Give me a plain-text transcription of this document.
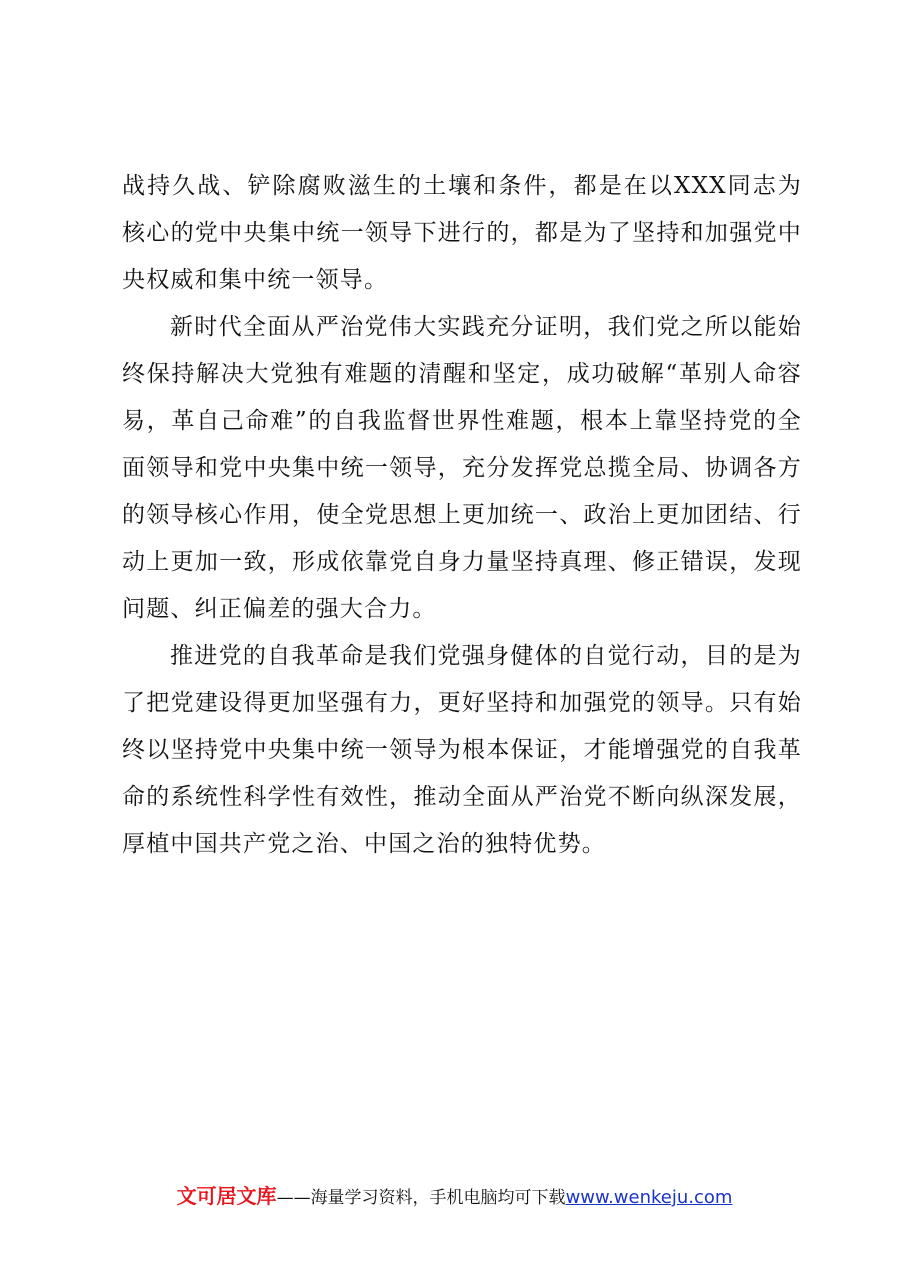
战持久战、铲除腐败滋生的土壤和条件，都是在以XXX同志为核心的党中央集中统一领导下进行的，都是为了坚持和加强党中央权威和集中统一领导。

新时代全面从严治党伟大实践充分证明，我们党之所以能始终保持解决大党独有难题的清醒和坚定，成功破解“革别人命容易，革自己命难”的自我监督世界性难题，根本上靠坚持党的全面领导和党中央集中统一领导，充分发挥党总揽全局、协调各方的领导核心作用，使全党思想上更加统一、政治上更加团结、行动上更加一致，形成依靠党自身力量坚持真理、修正错误，发现问题、纠正偏差的强大合力。

推进党的自我革命是我们党强身健体的自觉行动，目的是为了把党建设得更加坚强有力，更好坚持和加强党的领导。只有始终以坚持党中央集中统一领导为根本保证，才能增强党的自我革命的系统性科学性有效性，推动全面从严治党不断向纵深发展，厚植中国共产党之治、中国之治的独特优势。

文可居文库——海量学习资料，手机电脑均可下载www.wenkeju.com
